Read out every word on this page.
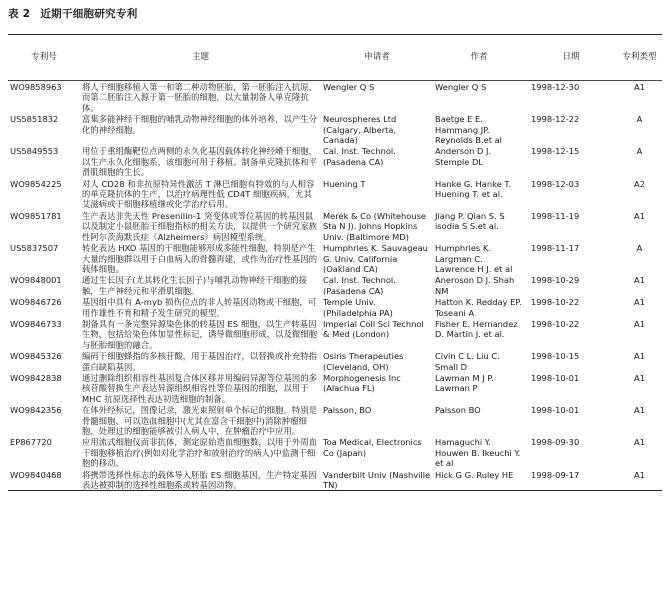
表 2 近期干细胞研究专利
专利号	主题	申请者	作者	日期	专利类型
WO9858963	将人干细胞移植入第一和第二种动物胚胎，第一胚胎注入抗原，而第二胚胎注入源于第一胚胎的细胞，以大量制备人单克隆抗体。	Wengler Q S	Wengler Q S	1998-12-30	A1
US5851832	富集多能神经干细胞的哺乳动物神经细胞的体外培养，以产生分化的神经细胞。	Neurospheres Ltd (Calgary, Alberta, Canada)	Baetge E E. Hammang JP. Reynolds B.et al	1998-12-22	A
US5849553	用位于重组酶靶位点两侧的永久化基因载体转化神经嵴干细胞，以生产永久化细胞系，该细胞可用于移植、制备单克隆抗体和平滑肌细胞的生长。	Cal. Inst. Technol. (Pasadena CA)	Anderson D J. Stemple DL	1998-12-15	A
WO9854225	对人 CD28 和非抗原特异性激活 T 淋巴细胞有特效的与人相容的单克隆抗体的生产，以治疗病理性低 CD4T 细胞疾病，尤其艾滋病或干细胞移植继或化学治疗后用。	Huening T	Hanke G. Hanke T. Huening T. et al.	1998-12-03	A2
WO9851781	生产表达非先天性 Presenilin-1 突变体或等位基因的转基因鼠以及制定小鼠胚胎干细胞指标的相关方法，以提供一个研究家族性阿尔茨海默氏症（Alzheimers）病因模型系统。	Merek & Co (Whitehouse Sta N J). Johns Hopkins Univ. (Baltimore MD)	Jiang P. Qian S. S isodia S S.et al.	1998-11-19	A1
US5837507	转化表达 HXO 基因的干细胞能够形成多能性细胞，特别是产生大量的细胞群以用于白血病人的骨髓再建，或作为治疗性基因的载体细胞。	Humphries K. Sauvageau G. Univ. California (Oakland CA)	Humphries K. Largman C. Lawrence H J. et al	1998-11-17	A
WO9848001	通过生长因子(尤其转化生长因子)与哺乳动物神经干细胞的接触，生产神经元和平滑肌细胞。	Cal. Inst. Technol. (Pasadena CA)	Aneroson D J. Shah NM	1998-10-29	A1
WO9846726	基因组中具有 A-myb 损伤位点的非人转基因动物或干细胞，可用作雄性不育和精子发生研究的模型。	Temple Univ. (Philadelphia PA)	Hatton K. Redday EP. Toseani A	1998-10-22	A1
WO9846733	制备具有一条完整异源染色体的转基因 ES 细胞，以生产转基因生物，包括给染色体加显性标记，诱导微细胞形成，以及微细胞与胚胎细胞的融合。	Imperial Coll Sci Technol & Med (London)	Fisher E. Hernandez D. Martin J. et al.	1998-10-22	A1
WO9845326	编码干细胞蜂指的多核苷酸，用于基因治疗，以替换或补充特指蛋白缺陷基因。	Osiris Therapeuties (Cleveland, OH)	Civin C L. Liu C. Small D	1998-10-15	A1
WO9842838	通过删除组织相容性基因复合体区移并用编码异源等位基因的多核苷酸替换生产表达异源组织相容性等位基因的细胞，以用于 MHC 抗原选择性表达初选细胞的制备。	Morphogenesis Inc (Alachua FL)	Lawman M J P. Lawman P	1998-10-01	A1
WO9842356	在体外经标记，图像记录，激光束照射单个标记的细胞，特别是骨髓细胞，可以造血细胞中(尤其在富含干细胞中)消除肿瘤细胞，处理过的细胞能够被引入病人中，在肿瘤治疗中应用。	Palsson, BO	Palsson BO	1998-10-01	A1
EP867720	应用流式细胞仪而非抗体，测定原始造血细胞数，以用于外周血干细胞移植治疗(例如对化学治疗和放射治疗的病人)中监测干细胞的移动。	Toa Medical, Electronics Co (Japan)	Hamaguchi Y. Houwen B. Ikeuchi Y. et al	1998-09-30	A1
WO9840468	将携带选择性标志的载体导入胚胎 ES 细胞基因，生产特定基因表达被抑制的选择性细胞系或转基因动物。	Vanderbilt Univ (Nashville TN)	Hick G G. Ruley HE	1998-09-17	A1
